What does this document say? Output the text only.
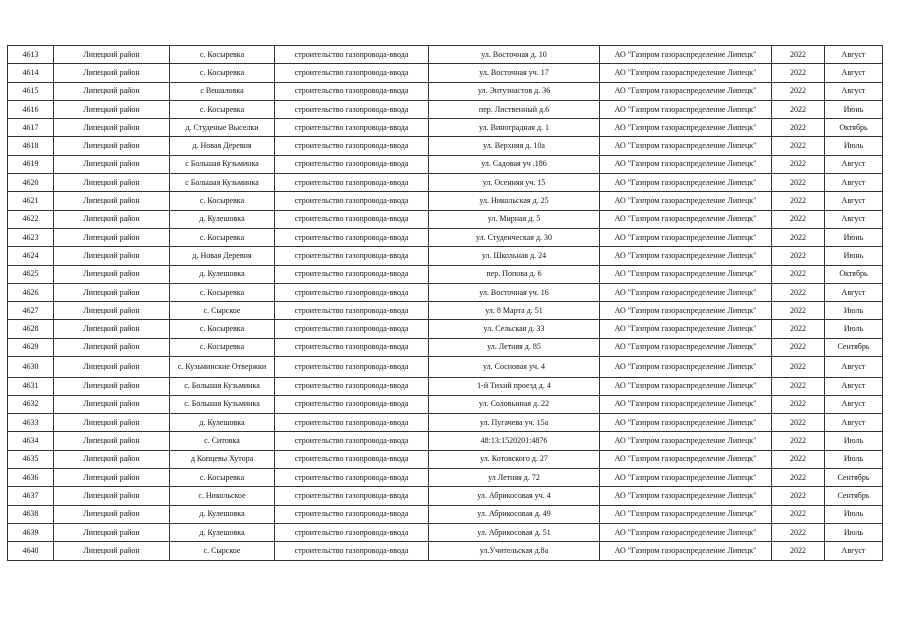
4613	Липецкий район	с. Косыревка	строительство газопровода-ввода	ул. Восточная д. 10	АО "Газпром газораспределение Липецк"	2022	Август
4614	Липецкий район	с. Косыревка	строительство газопровода-ввода	ул. Восточная уч. 17	АО "Газпром газораспределение Липецк"	2022	Август
4615	Липецкий район	с Вешаловка	строительство газопровода-ввода	ул. Энтузиастов д. 36	АО "Газпром газораспределение Липецк"	2022	Август
4616	Липецкий район	с. Косыревка	строительство газопровода-ввода	пер. Лиственный д.6	АО "Газпром газораспределение Липецк"	2022	Июнь
4617	Липецкий район	д. Студеные Выселки	строительство газопровода-ввода	ул. Виноградная д. 1	АО "Газпром газораспределение Липецк"	2022	Октябрь
4618	Липецкий район	д. Новая Деревня	строительство газопровода-ввода	ул. Верхняя д. 10а	АО "Газпром газораспределение Липецк"	2022	Июль
4619	Липецкий район	с Большая Кузьминка	строительство газопровода-ввода	ул. Садовая уч .186	АО "Газпром газораспределение Липецк"	2022	Август
4620	Липецкий район	с Большая Кузьминка	строительство газопровода-ввода	ул. Осенняя уч. 15	АО "Газпром газораспределение Липецк"	2022	Август
4621	Липецкий район	с. Косыревка	строительство газопровода-ввода	ул. Никольская д. 25	АО "Газпром газораспределение Липецк"	2022	Август
4622	Липецкий район	д. Кулешовка	строительство газопровода-ввода	ул. Мирная д. 5	АО "Газпром газораспределение Липецк"	2022	Август
4623	Липецкий район	с. Косыревка	строительство газопровода-ввода	ул. Студенческая д. 30	АО "Газпром газораспределение Липецк"	2022	Июнь
4624	Липецкий район	д. Новая Деревня	строительство газопровода-ввода	ул. Школьная д. 24	АО "Газпром газораспределение Липецк"	2022	Июнь
4625	Липецкий район	д. Кулешовка	строительство газопровода-ввода	пер. Попова д. 6	АО "Газпром газораспределение Липецк"	2022	Октябрь
4626	Липецкий район	с. Косыревка	строительство газопровода-ввода	ул. Восточная уч. 16	АО "Газпром газораспределение Липецк"	2022	Август
4627	Липецкий район	с. Сырское	строительство газопровода-ввода	ул. 8 Марта д. 51	АО "Газпром газораспределение Липецк"	2022	Июль
4628	Липецкий район	с. Косыревка	строительство газопровода-ввода	ул. Сельская д. 33	АО "Газпром газораспределение Липецк"	2022	Июль
4629	Липецкий район	с. Косыревка	строительство газопровода-ввода	ул. Летняя д. 85	АО "Газпром газораспределение Липецк"	2022	Сентябрь
4630	Липецкий район	с. Кузьминские Отвержки	строительство газопровода-ввода	ул. Сосновая уч. 4	АО "Газпром газораспределение Липецк"	2022	Август
4631	Липецкий район	с. Большая Кузьминка	строительство газопровода-ввода	1-й Тихий проезд д. 4	АО "Газпром газораспределение Липецк"	2022	Август
4632	Липецкий район	с. Большая Кузьминка	строительство газопровода-ввода	ул. Соловьиная д. 22	АО "Газпром газораспределение Липецк"	2022	Август
4633	Липецкий район	д. Кулешовка	строительство газопровода-ввода	ул. Пугачева уч. 15а	АО "Газпром газораспределение Липецк"	2022	Август
4634	Липецкий район	с. Ситовка	строительство газопровода-ввода	48:13:1520201:4876	АО "Газпром газораспределение Липецк"	2022	Июль
4635	Липецкий район	д Копцевы Хутора	строительство газопровода-ввода	ул. Котовского д. 27	АО "Газпром газораспределение Липецк"	2022	Июль
4636	Липецкий район	с. Косыревка	строительство газопровода-ввода	ул Летняя д. 72	АО "Газпром газораспределение Липецк"	2022	Сентябрь
4637	Липецкий район	с. Никольское	строительство газопровода-ввода	ул. Абрикосовая уч. 4	АО "Газпром газораспределение Липецк"	2022	Сентябрь
4638	Липецкий район	д. Кулешовка	строительство газопровода-ввода	ул. Абрикосовая д. 49	АО "Газпром газораспределение Липецк"	2022	Июль
4639	Липецкий район	д. Кулешовка	строительство газопровода-ввода	ул. Абрикосовая д. 51	АО "Газпром газораспределение Липецк"	2022	Июль
4640	Липецкий район	с. Сырское	строительство газопровода-ввода	ул.Учительская д.8а	АО "Газпром газораспределение Липецк"	2022	Август
